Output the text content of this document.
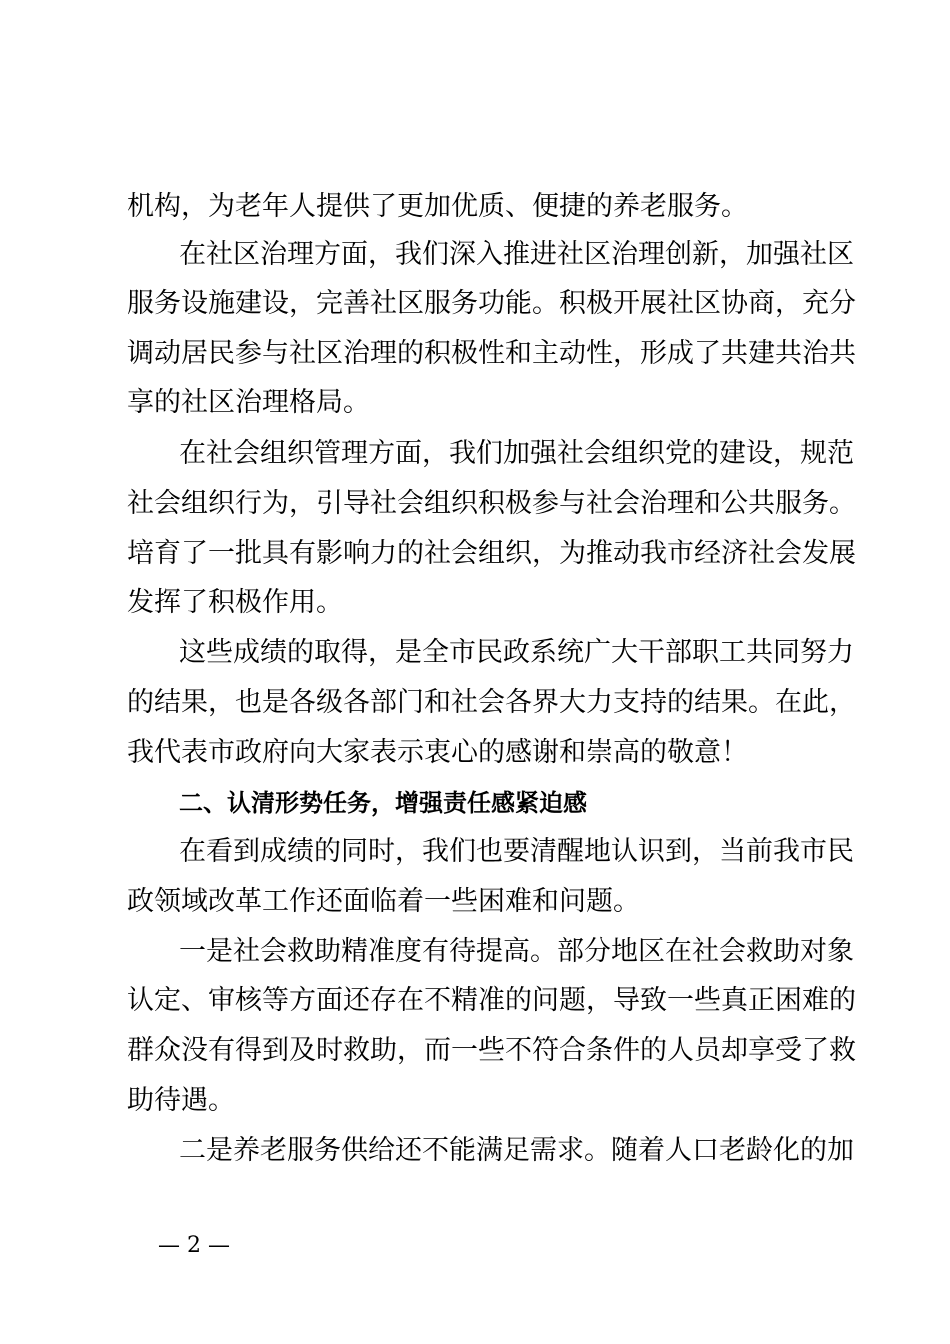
机构，为老年人提供了更加优质、便捷的养老服务。
在社区治理方面，我们深入推进社区治理创新，加强社区
服务设施建设，完善社区服务功能。积极开展社区协商，充分
调动居民参与社区治理的积极性和主动性，形成了共建共治共
享的社区治理格局。
在社会组织管理方面，我们加强社会组织党的建设，规范
社会组织行为，引导社会组织积极参与社会治理和公共服务。
培育了一批具有影响力的社会组织，为推动我市经济社会发展
发挥了积极作用。
这些成绩的取得，是全市民政系统广大干部职工共同努力
的结果，也是各级各部门和社会各界大力支持的结果。在此，
我代表市政府向大家表示衷心的感谢和崇高的敬意！
二、认清形势任务，增强责任感紧迫感
在看到成绩的同时，我们也要清醒地认识到，当前我市民
政领域改革工作还面临着一些困难和问题。
一是社会救助精准度有待提高。部分地区在社会救助对象
认定、审核等方面还存在不精准的问题，导致一些真正困难的
群众没有得到及时救助，而一些不符合条件的人员却享受了救
助待遇。
二是养老服务供给还不能满足需求。随着人口老龄化的加
— 2 —
